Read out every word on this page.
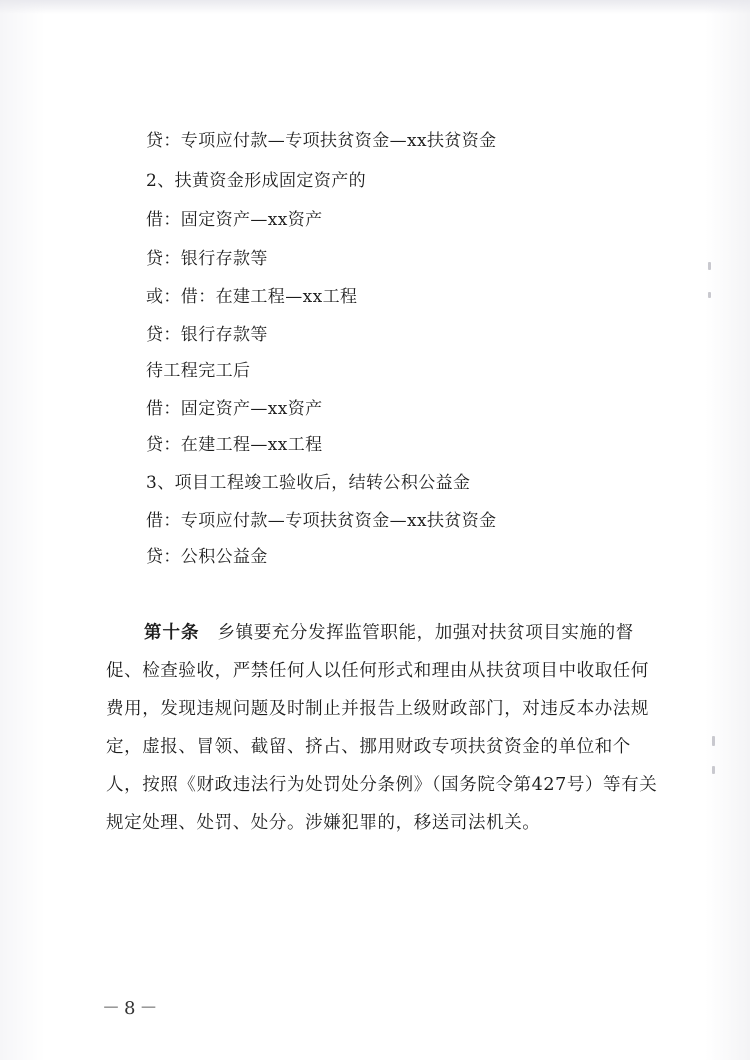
贷：专项应付款—专项扶贫资金—xx扶贫资金
2、扶黄资金形成固定资产的
借：固定资产—xx资产
贷：银行存款等
或：借：在建工程—xx工程
贷：银行存款等
待工程完工后
借：固定资产—xx资产
贷：在建工程—xx工程
3、项目工程竣工验收后，结转公积公益金
借：专项应付款—专项扶贫资金—xx扶贫资金
贷：公积公益金
第十条 乡镇要充分发挥监管职能，加强对扶贫项目实施的督促、检查验收，严禁任何人以任何形式和理由从扶贫项目中收取任何费用，发现违规问题及时制止并报告上级财政部门，对违反本办法规定，虚报、冒领、截留、挤占、挪用财政专项扶贫资金的单位和个人，按照《财政违法行为处罚处分条例》（国务院令第427号）等有关规定处理、处罚、处分。涉嫌犯罪的，移送司法机关。
－8－
